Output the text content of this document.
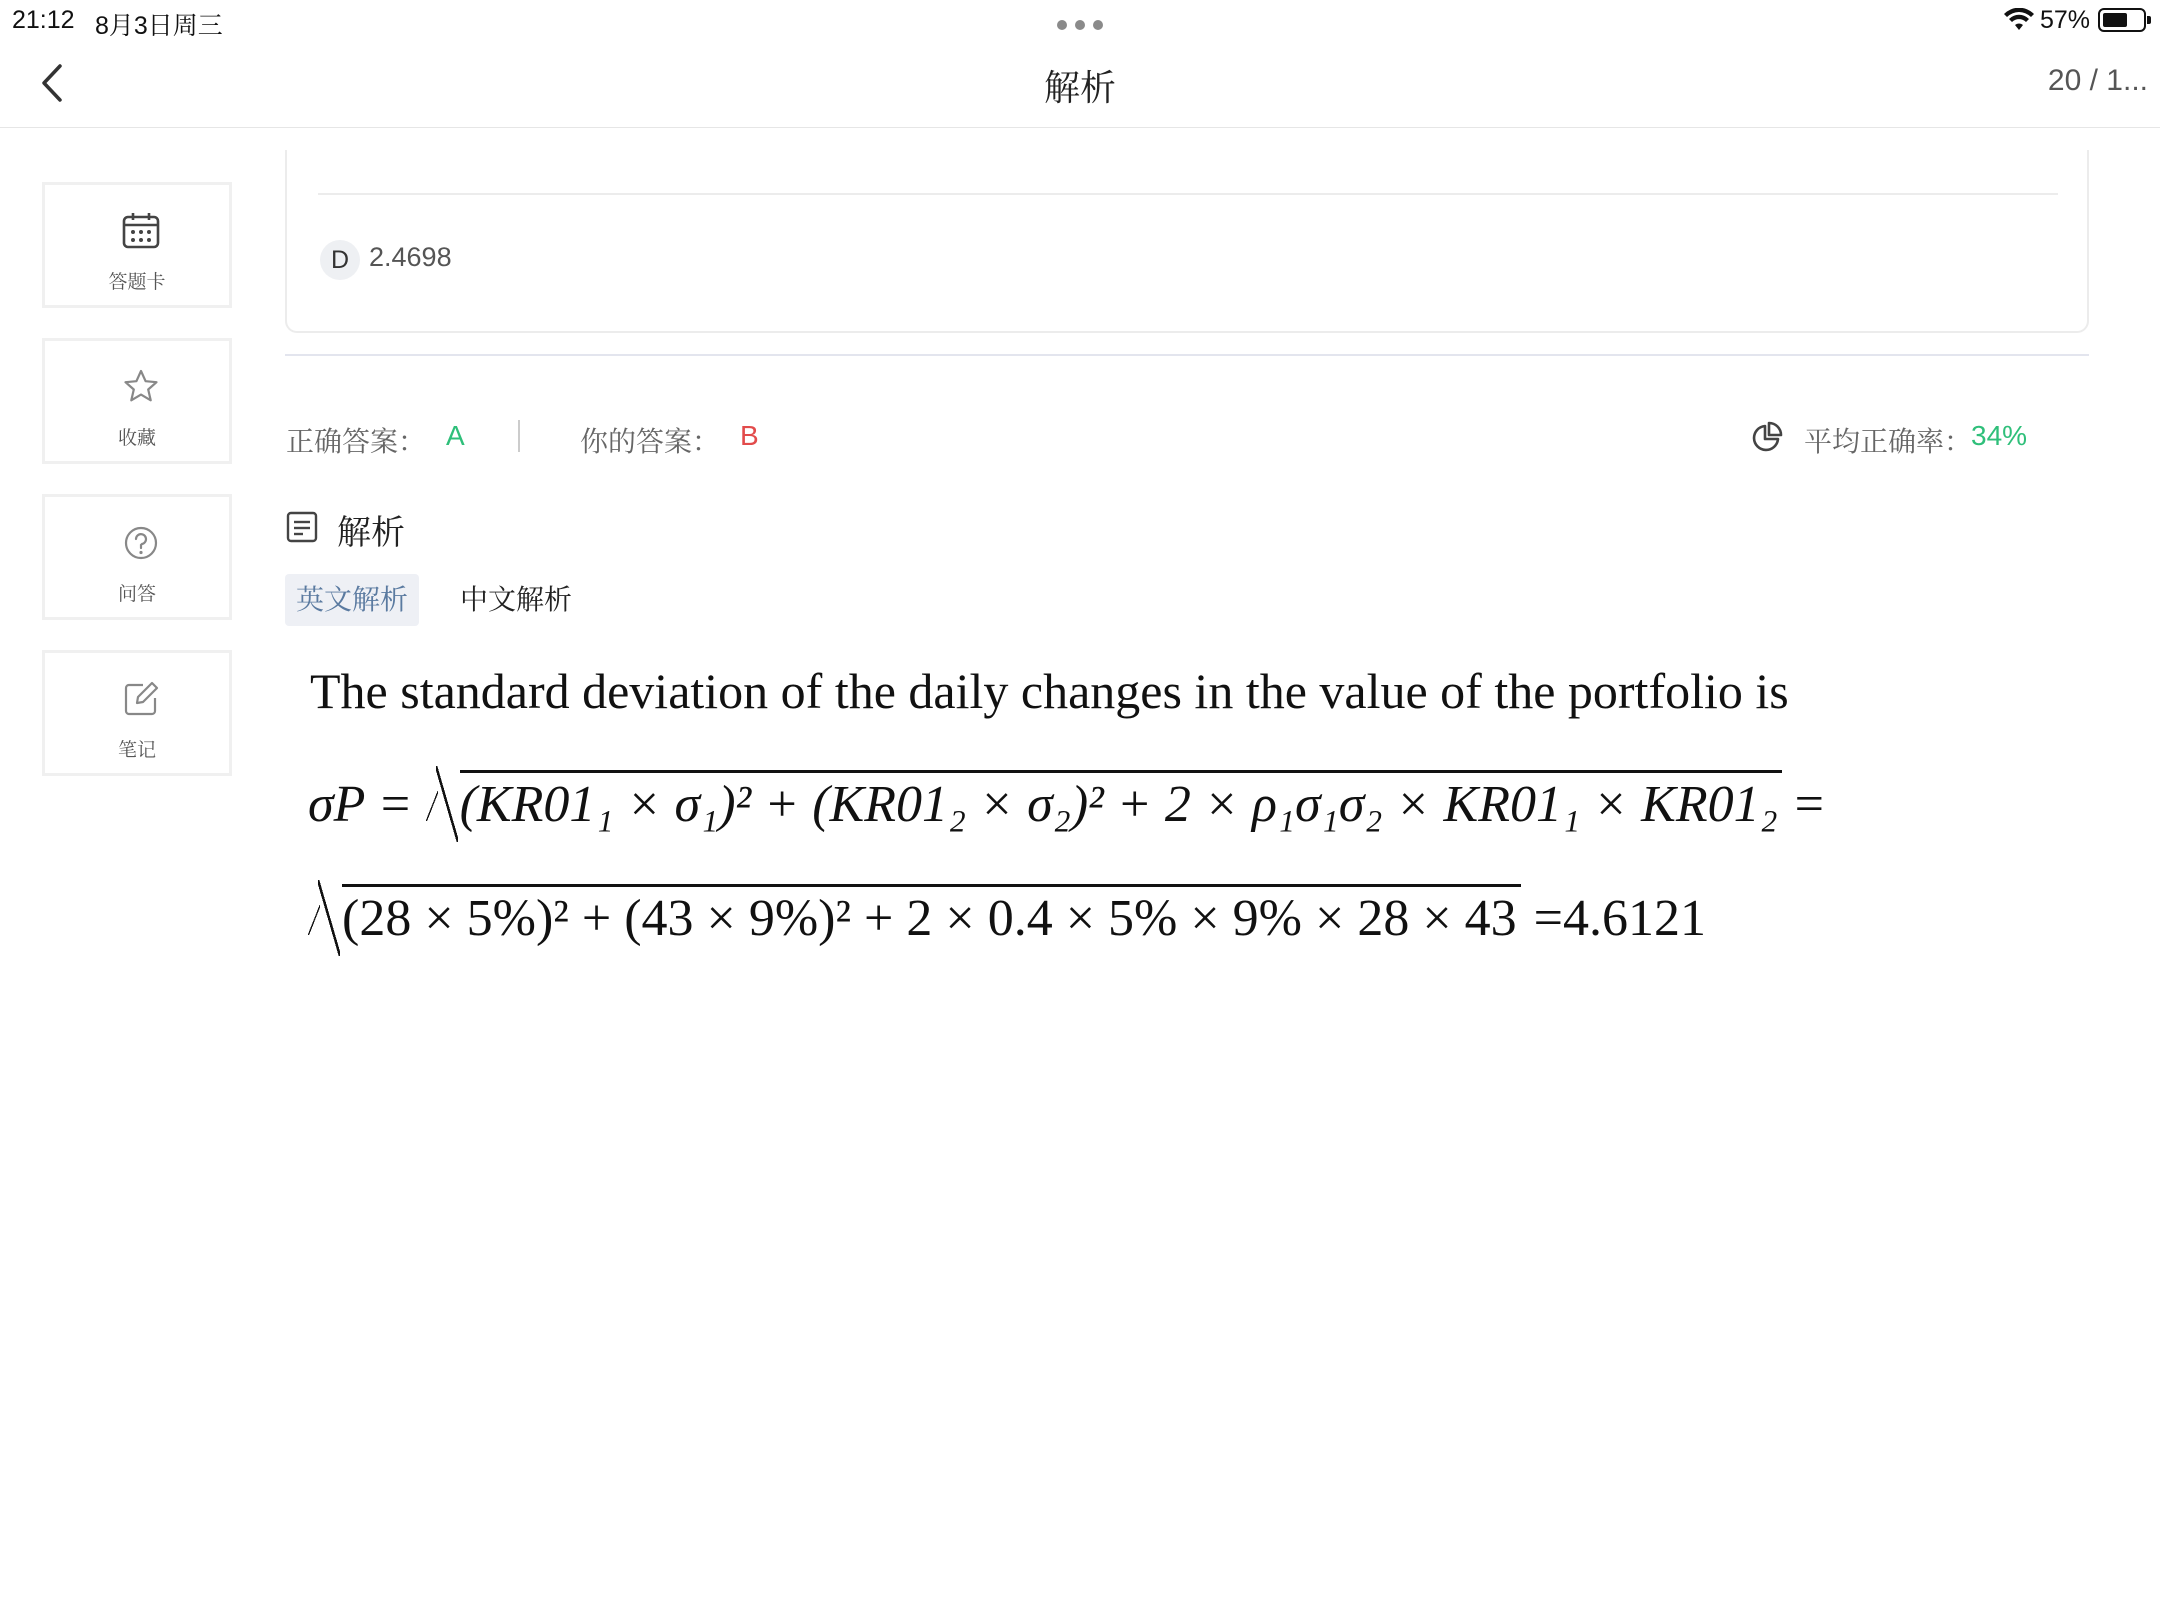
21:12 8月3日周三	57%
解析	20 / 1...
答题卡
收藏
问答
笔记
D 2.4698
正确答案： A	你的答案： B	平均正确率：
34%
解析
英文解析	中文解析
The standard deviation of the daily changes in the value of the portfolio is
σP = (KR01₁ × σ₁)² + (KR01₂ × σ₂)² + 2 × ρ₁σ₁σ₂ × KR01₁ × KR01₂ =
(28 × 5%)² + (43 × 9%)² + 2 × 0.4 × 5% × 9% × 28 × 43 =4.6121
